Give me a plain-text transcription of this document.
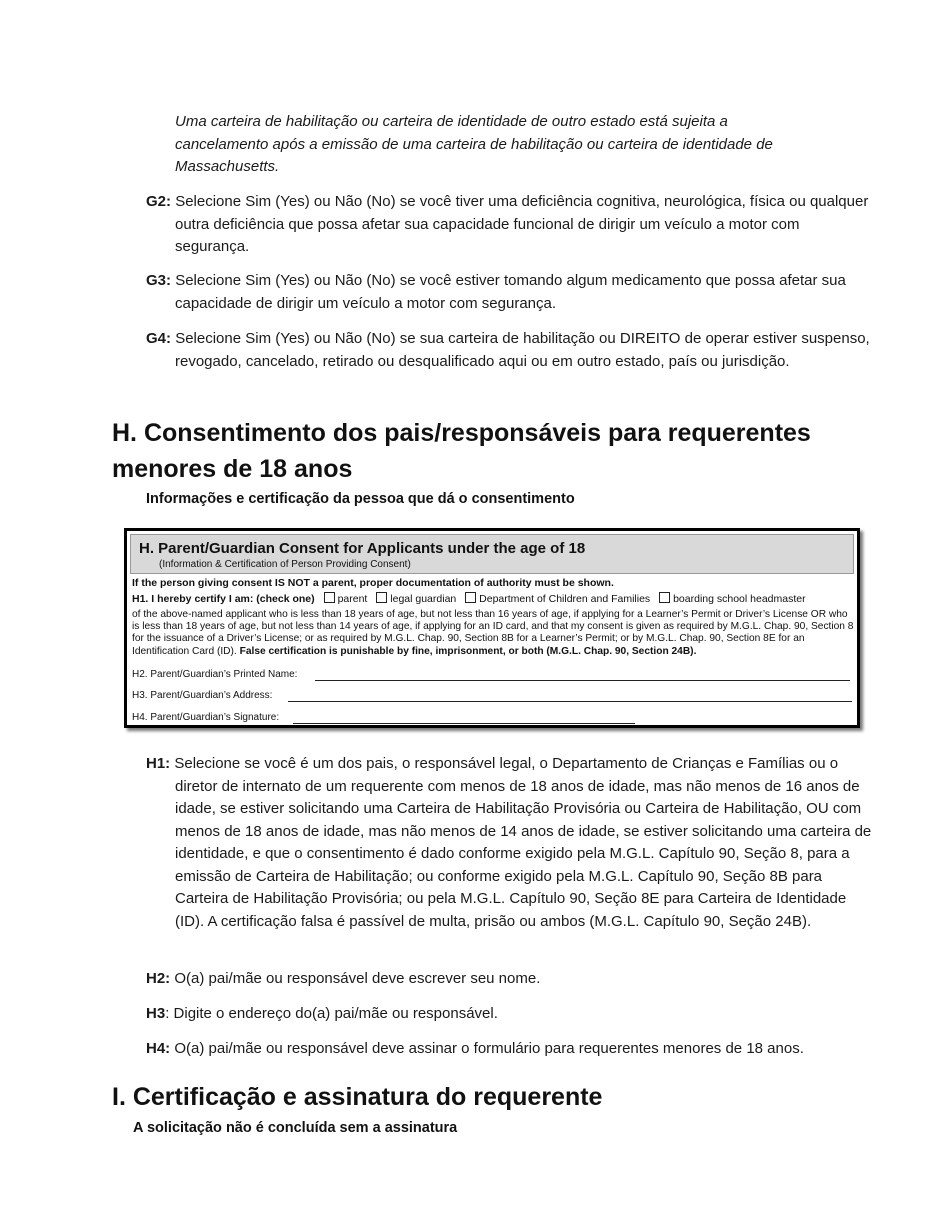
Uma carteira de habilitação ou carteira de identidade de outro estado está sujeita a cancelamento após a emissão de uma carteira de habilitação ou carteira de identidade de Massachusetts.
G2: Selecione Sim (Yes) ou Não (No) se você tiver uma deficiência cognitiva, neurológica, física ou qualquer outra deficiência que possa afetar sua capacidade funcional de dirigir um veículo a motor com segurança.
G3: Selecione Sim (Yes) ou Não (No) se você estiver tomando algum medicamento que possa afetar sua capacidade de dirigir um veículo a motor com segurança.
G4: Selecione Sim (Yes) ou Não (No) se sua carteira de habilitação ou DIREITO de operar estiver suspenso, revogado, cancelado, retirado ou desqualificado aqui ou em outro estado, país ou jurisdição.
H. Consentimento dos pais/responsáveis para requerentes
menores de 18 anos
Informações e certificação da pessoa que dá o consentimento
H. Parent/Guardian Consent for Applicants under the age of 18
(Information & Certification of Person Providing Consent)
If the person giving consent IS NOT a parent, proper documentation of authority must be shown.
H1. I hereby certify I am: (check one) parent legal guardian Department of Children and Families boarding school headmaster
of the above-named applicant who is less than 18 years of age, but not less than 16 years of age, if applying for a Learner’s Permit or Driver’s License OR who is less than 18 years of age, but not less than 14 years of age, if applying for an ID card, and that my consent is given as required by M.G.L. Chap. 90, Section 8 for the issuance of a Driver’s License; or as required by M.G.L. Chap. 90, Section 8B for a Learner’s Permit; or by M.G.L. Chap. 90, Section 8E for an Identification Card (ID). False certification is punishable by fine, imprisonment, or both (M.G.L. Chap. 90, Section 24B).
H2. Parent/Guardian’s Printed Name:
H3. Parent/Guardian’s Address:
H4. Parent/Guardian’s Signature:
H1: Selecione se você é um dos pais, o responsável legal, o Departamento de Crianças e Famílias ou o diretor de internato de um requerente com menos de 18 anos de idade, mas não menos de 16 anos de idade, se estiver solicitando uma Carteira de Habilitação Provisória ou Carteira de Habilitação, OU com menos de 18 anos de idade, mas não menos de 14 anos de idade, se estiver solicitando uma carteira de identidade, e que o consentimento é dado conforme exigido pela M.G.L. Capítulo 90, Seção 8, para a emissão de Carteira de Habilitação; ou conforme exigido pela M.G.L. Capítulo 90, Seção 8B para Carteira de Habilitação Provisória; ou pela M.G.L. Capítulo 90, Seção 8E para Carteira de Identidade (ID). A certificação falsa é passível de multa, prisão ou ambos (M.G.L. Capítulo 90, Seção 24B).
H2: O(a) pai/mãe ou responsável deve escrever seu nome.
H3: Digite o endereço do(a) pai/mãe ou responsável.
H4: O(a) pai/mãe ou responsável deve assinar o formulário para requerentes menores de 18 anos.
I. Certificação e assinatura do requerente
A solicitação não é concluída sem a assinatura
